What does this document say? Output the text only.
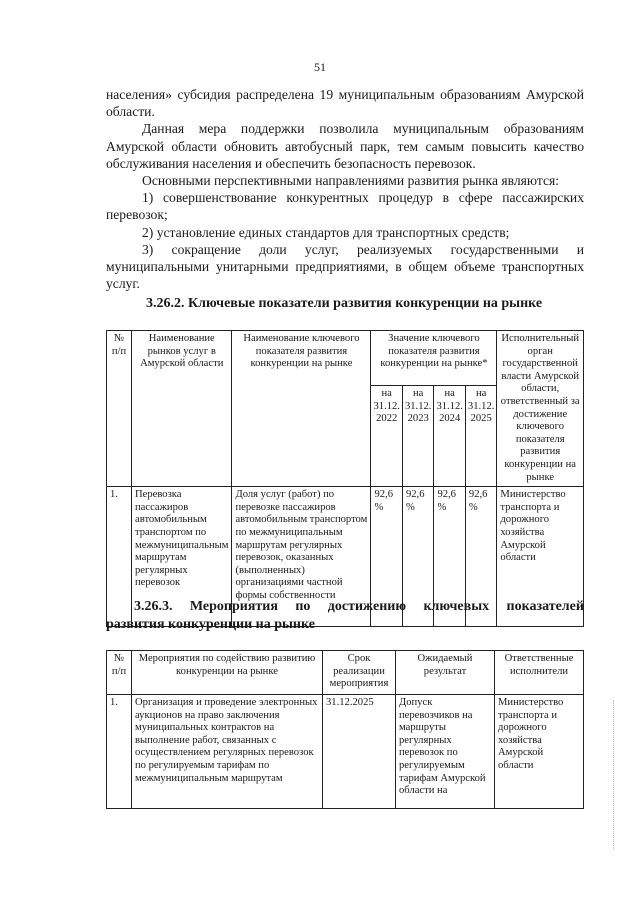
51

населения» субсидия распределена 19 муниципальным образованиям Амурской области.

Данная мера поддержки позволила муниципальным образованиям Амурской области обновить автобусный парк, тем самым повысить качество обслуживания населения и обеспечить безопасность перевозок.

Основными перспективными направлениями развития рынка являются:

1) совершенствование конкурентных процедур в сфере пассажирских перевозок;

2) установление единых стандартов для транспортных средств;

3) сокращение доли услуг, реализуемых государственными и муниципальными унитарными предприятиями, в общем объеме транспортных услуг.

3.26.2. Ключевые показатели развития конкуренции на рынке
№ п/п	Наименование рынков услуг в Амурской области	Наименование ключевого показателя развития конкуренции на рынке	Значение ключевого показателя развития конкуренции на рынке*				Исполнительный орган государственной власти Амурской области, ответственный за достижение ключевого показателя развития конкуренции на рынке
			на 31.12. 2022	на 31.12. 2023	на 31.12. 2024	на 31.12. 2025	
1.	Перевозка пассажиров автомобильным транспортом по межмуниципальным маршрутам регулярных перевозок	Доля услуг (работ) по перевозке пассажиров автомобильным транспортом по межмуниципальным маршрутам регулярных перевозок, оказанных (выполненных) организациями частной формы собственности	92,6 %	92,6 %	92,6 %	92,6 %	Министерство транспорта и дорожного хозяйства Амурской области
3.26.3. Мероприятия по достижению ключевых показателей
развития конкуренции на рынке
№ п/п	Мероприятия по содействию развитию конкуренции на рынке	Срок реализации мероприятия	Ожидаемый результат	Ответственные исполнители
1.	Организация и проведение электронных аукционов на право заключения муниципальных контрактов на выполнение работ, связанных с осуществлением регулярных перевозок по регулируемым тарифам по межмуниципальным маршрутам	31.12.2025	Допуск перевозчиков на маршруты регулярных перевозок по регулируемым тарифам Амурской области на	Министерство транспорта и дорожного хозяйства Амурской области
